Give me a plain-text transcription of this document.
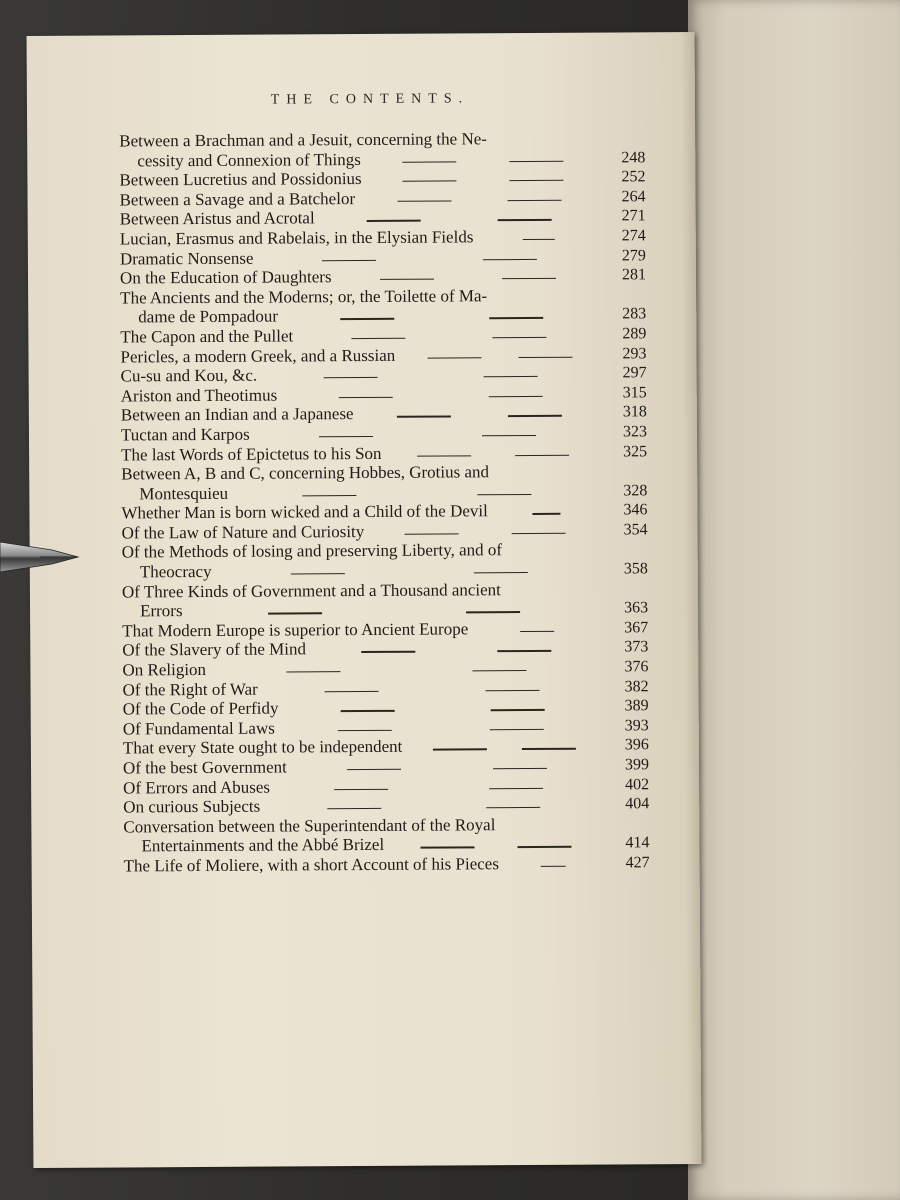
THE CONTENTS.
Between a Brachman and a Jesuit, concerning the Ne-
cessity and Connexion of Things	248
Between Lucretius and Possidonius	252
Between a Savage and a Batchelor	264
Between Aristus and Acrotal	271
Lucian, Erasmus and Rabelais, in the Elysian Fields	274
Dramatic Nonsense	279
On the Education of Daughters	281
The Ancients and the Moderns; or, the Toilette of Ma-
dame de Pompadour	283
The Capon and the Pullet	289
Pericles, a modern Greek, and a Russian	293
Cu-su and Kou, &c.	297
Ariston and Theotimus	315
Between an Indian and a Japanese	318
Tuctan and Karpos	323
The last Words of Epictetus to his Son	325
Between A, B and C, concerning Hobbes, Grotius and
Montesquieu	328
Whether Man is born wicked and a Child of the Devil	346
Of the Law of Nature and Curiosity	354
Of the Methods of losing and preserving Liberty, and of
Theocracy	358
Of Three Kinds of Government and a Thousand ancient
Errors	363
That Modern Europe is superior to Ancient Europe	367
Of the Slavery of the Mind	373
On Religion	376
Of the Right of War	382
Of the Code of Perfidy	389
Of Fundamental Laws	393
That every State ought to be independent	396
Of the best Government	399
Of Errors and Abuses	402
On curious Subjects	404
Conversation between the Superintendant of the Royal
Entertainments and the Abbé Brizel	414
The Life of Moliere, with a short Account of his Pieces	427
